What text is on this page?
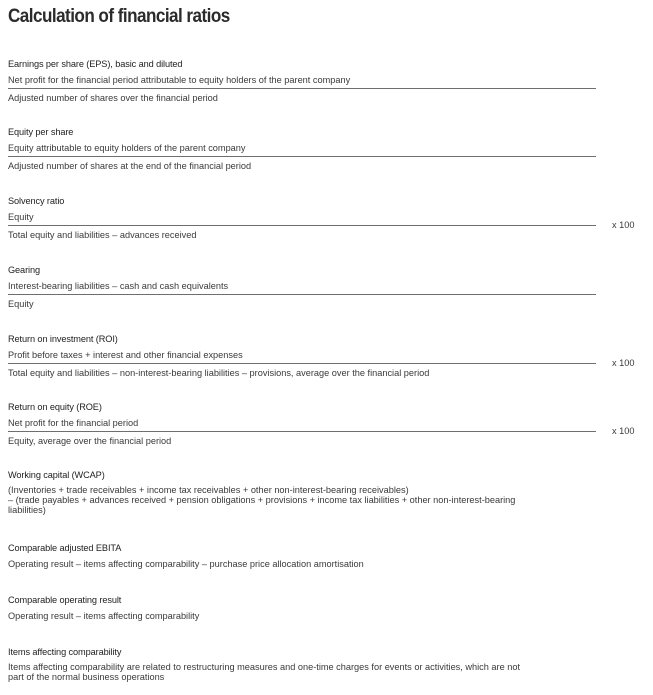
Calculation of financial ratios
Earnings per share (EPS), basic and diluted
Net profit for the financial period attributable to equity holders of the parent company
Adjusted number of shares over the financial period
Equity per share
Equity attributable to equity holders of the parent company
Adjusted number of shares at the end of the financial period
Solvency ratio
Equity
Total equity and liabilities – advances received
x 100
Gearing
Interest-bearing liabilities – cash and cash equivalents
Equity
Return on investment (ROI)
Profit before taxes + interest and other financial expenses
Total equity and liabilities – non-interest-bearing liabilities – provisions, average over the financial period
x 100
Return on equity (ROE)
Net profit for the financial period
Equity, average over the financial period
x 100
Working capital (WCAP)
(Inventories + trade receivables + income tax receivables + other non-interest-bearing receivables)
– (trade payables + advances received + pension obligations + provisions + income tax liabilities + other non-interest-bearing
liabilities)
Comparable adjusted EBITA
Operating result – items affecting comparability – purchase price allocation amortisation
Comparable operating result
Operating result – items affecting comparability
Items affecting comparability
Items affecting comparability are related to restructuring measures and one-time charges for events or activities, which are not
part of the normal business operations
